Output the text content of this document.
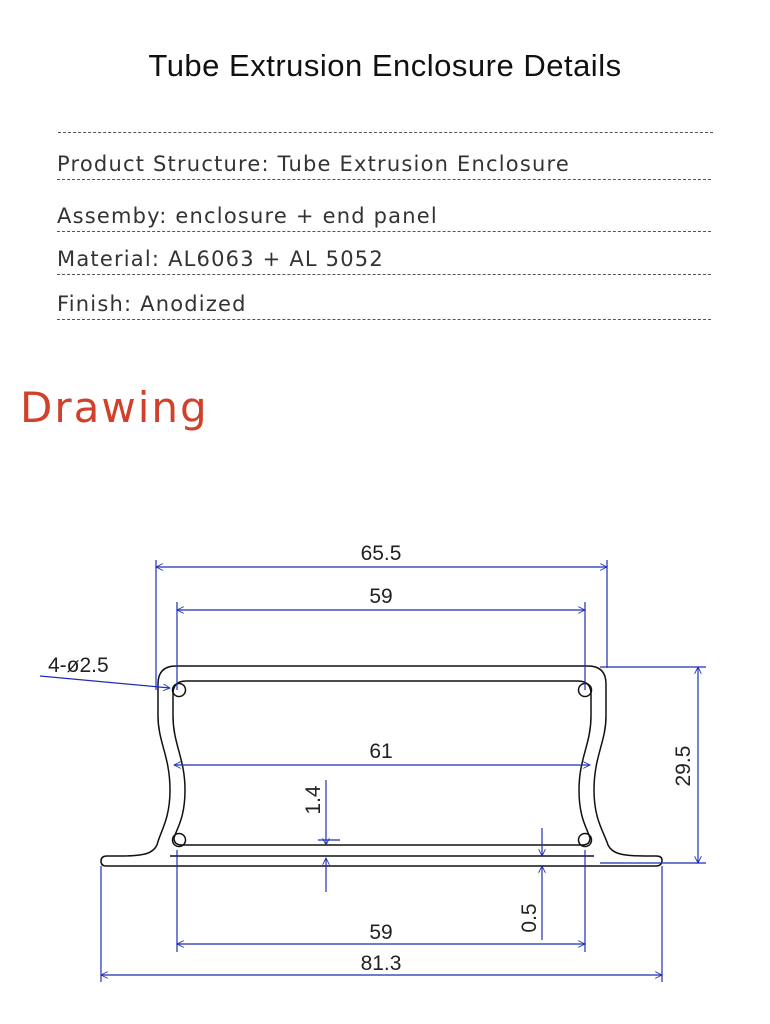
Tube Extrusion Enclosure Details
Product Structure: Tube Extrusion Enclosure
Assemby: enclosure + end panel
Material: AL6063 + AL 5052
Finish: Anodized
Drawing
65.5
59
4-ø2.5
29.5
61
1.4
0.5
59
81.3
